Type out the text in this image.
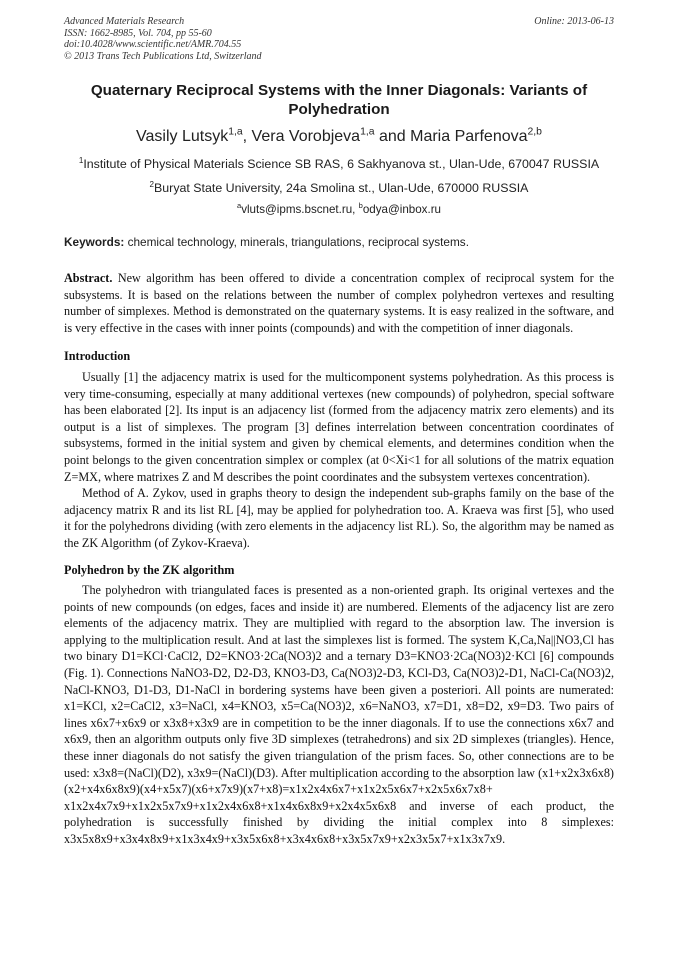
Advanced Materials Research
ISSN: 1662-8985, Vol. 704, pp 55-60
doi:10.4028/www.scientific.net/AMR.704.55
© 2013 Trans Tech Publications Ltd, Switzerland
Online: 2013-06-13
Quaternary Reciprocal Systems with the Inner Diagonals: Variants of Polyhedration
Vasily Lutsyk$^{1,a}$, Vera Vorobjeva$^{1,a}$ and Maria Parfenova$^{2,b}$
$^1$Institute of Physical Materials Science SB RAS, 6 Sakhyanova st., Ulan-Ude, 670047 RUSSIA
$^2$Buryat State University, 24a Smolina st., Ulan-Ude, 670000 RUSSIA
$^a$vluts@ipms.bscnet.ru, $^b$odya@inbox.ru
Keywords: chemical technology, minerals, triangulations, reciprocal systems.

Abstract. New algorithm has been offered to divide a concentration complex of reciprocal system for the subsystems. It is based on the relations between the number of complex polyhedron vertexes and resulting number of simplexes. Method is demonstrated on the quaternary systems. It is easy realized in the software, and is very effective in the cases with inner points (compounds) and with the competition of inner diagonals.

Introduction

Usually [1] the adjacency matrix is used for the multicomponent systems polyhedration. As this process is very time-consuming, especially at many additional vertexes (new compounds) of polyhedron, special software has been elaborated [2]. Its input is an adjacency list (formed from the adjacency matrix zero elements) and its output is a list of simplexes. The program [3] defines interrelation between concentration coordinates of subsystems, formed in the initial system and given by chemical elements, and determines condition when the point belongs to the given concentration simplex or complex (at 0<Xi<1 for all solutions of the matrix equation Z=MX, where matrixes Z and M describes the point coordinates and the subsystem vertexes concentration).

Method of A. Zykov, used in graphs theory to design the independent sub-graphs family on the base of the adjacency matrix R and its list RL [4], may be applied for polyhedration too. A. Kraeva was first [5], who used it for the polyhedrons dividing (with zero elements in the adjacency list RL). So, the algorithm may be named as the ZK Algorithm (of Zykov-Kraeva).

Polyhedron by the ZK algorithm

The polyhedron with triangulated faces is presented as a non-oriented graph. Its original vertexes and the points of new compounds (on edges, faces and inside it) are numbered. Elements of the adjacency list are zero elements of the adjacency matrix. They are multiplied with regard to the absorption law. The inversion is applying to the multiplication result. And at last the simplexes list is formed. The system K,Ca,Na||NO3,Cl has two binary D1=KCl·CaCl2, D2=KNO3·2Ca(NO3)2 and a ternary D3=KNO3·2Ca(NO3)2·KCl [6] compounds (Fig. 1). Connections NaNO3-D2, D2-D3, KNO3-D3, Ca(NO3)2-D3, KCl-D3, Ca(NO3)2-D1, NaCl-Ca(NO3)2, NaCl-KNO3, D1-D3, D1-NaCl in bordering systems have been given a posteriori. All points are numerated: x1=KCl, x2=CaCl2, x3=NaCl, x4=KNO3, x5=Ca(NO3)2, x6=NaNO3, x7=D1, x8=D2, x9=D3. Two pairs of lines x6x7+x6x9 or x3x8+x3x9 are in competition to be the inner diagonals. If to use the connections x6x7 and x6x9, then an algorithm outputs only five 3D simplexes (tetrahedrons) and six 2D simplexes (triangles). Hence, these inner diagonals do not satisfy the given triangulation of the prism faces. So, other connections are to be used: x3x8=(NaCl)(D2), x3x9=(NaCl)(D3). After multiplication according to the absorption law (x1+x2x3x6x8)(x2+x4x6x8x9)(x4+x5x7)(x6+x7x9)(x7+x8)=x1x2x4x6x7+x1x2x5x6x7+x2x5x6x7x8+ x1x2x4x7x9+x1x2x5x7x9+x1x2x4x6x8+x1x4x6x8x9+x2x4x5x6x8 and inverse of each product, the polyhedration is successfully finished by dividing the initial complex into 8 simplexes: x3x5x8x9+x3x4x8x9+x1x3x4x9+x3x5x6x8+x3x4x6x8+x3x5x7x9+x2x3x5x7+x1x3x7x9.
